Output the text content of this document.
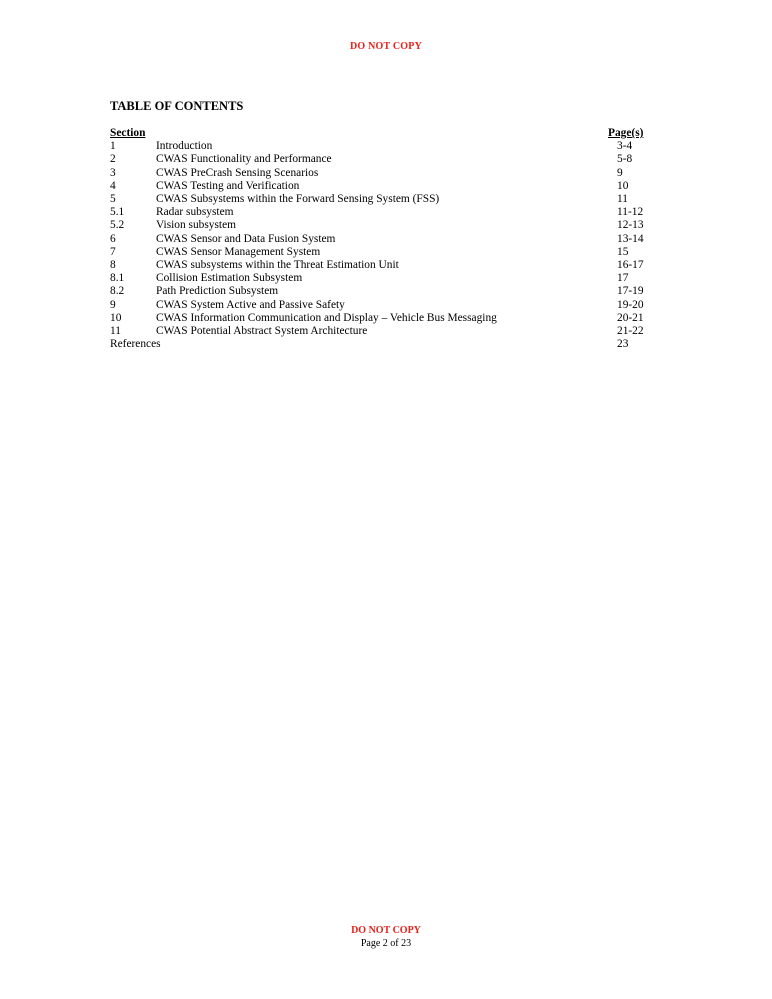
DO NOT COPY
TABLE OF CONTENTS
Section		Page(s)
1	Introduction	3-4
2	CWAS Functionality and Performance	5-8
3	CWAS PreCrash Sensing Scenarios	9
4	CWAS Testing and Verification	10
5	CWAS Subsystems within the Forward Sensing System (FSS)	11
5.1	Radar subsystem	11-12
5.2	Vision subsystem	12-13
6	CWAS Sensor and Data Fusion System	13-14
7	CWAS Sensor Management System	15
8	CWAS subsystems within the Threat Estimation Unit	16-17
8.1	Collision Estimation Subsystem	17
8.2	Path Prediction Subsystem	17-19
9	CWAS System Active and Passive Safety	19-20
10	CWAS Information Communication and Display – Vehicle Bus Messaging	20-21
11	CWAS Potential Abstract System Architecture	21-22
References		23
DO NOT COPY
Page 2 of 23
